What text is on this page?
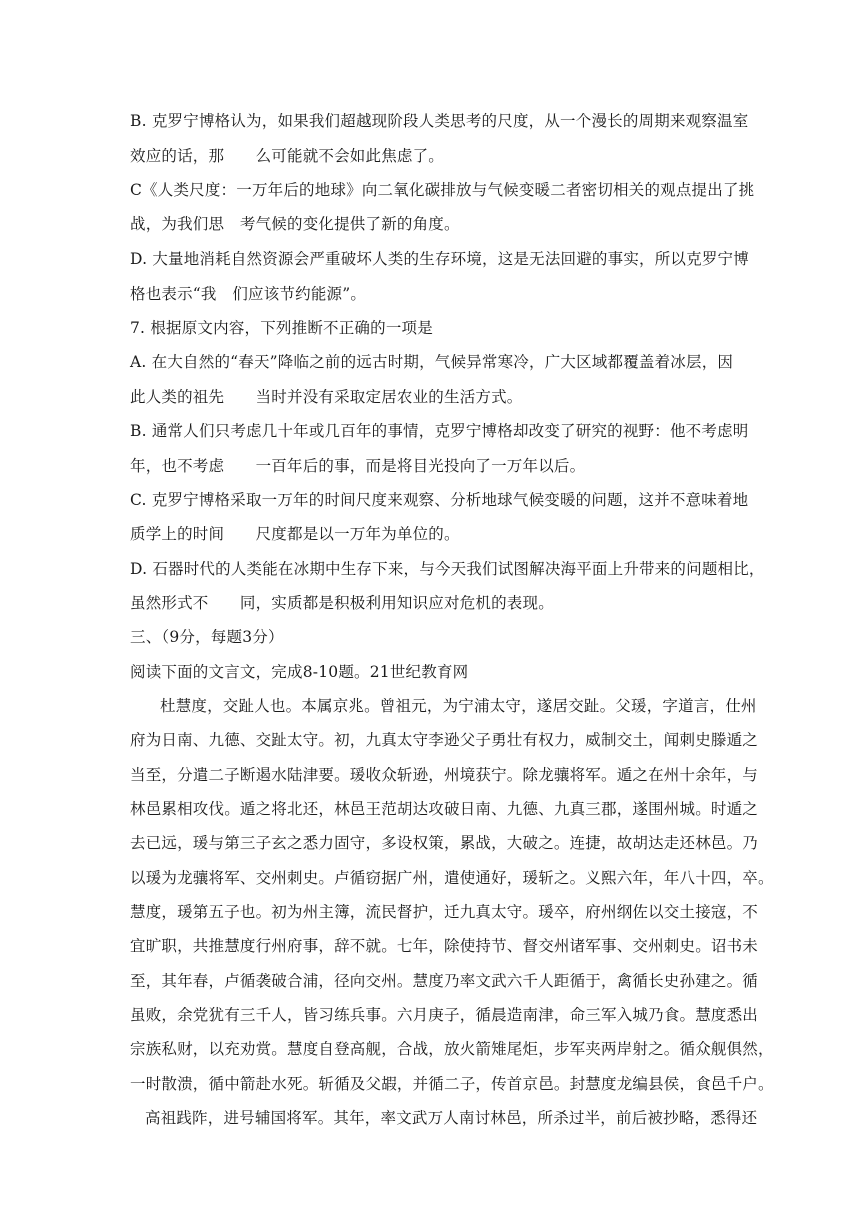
B. 克罗宁博格认为，如果我们超越现阶段人类思考的尺度，从一个漫长的周期来观察温室
效应的话，那　　么可能就不会如此焦虑了。
C《人类尺度：一万年后的地球》向二氧化碳排放与气候变暖二者密切相关的观点提出了挑
战，为我们思　考气候的变化提供了新的角度。
D. 大量地消耗自然资源会严重破坏人类的生存环境，这是无法回避的事实，所以克罗宁博
格也表示“我　们应该节约能源”。
7. 根据原文内容，下列推断不正确的一项是
A. 在大自然的“春天”降临之前的远古时期，气候异常寒冷，广大区域都覆盖着冰层，因
此人类的祖先　　当时并没有采取定居农业的生活方式。
B. 通常人们只考虑几十年或几百年的事情，克罗宁博格却改变了研究的视野：他不考虑明
年，也不考虑　　一百年后的事，而是将目光投向了一万年以后。
C. 克罗宁博格采取一万年的时间尺度来观察、分析地球气候变暖的问题，这并不意味着地
质学上的时间　　尺度都是以一万年为单位的。
D. 石器时代的人类能在冰期中生存下来，与今天我们试图解决海平面上升带来的问题相比，
虽然形式不　　同，实质都是积极利用知识应对危机的表现。
三、（9分，每题3分）
阅读下面的文言文，完成8-10题。21世纪教育网
杜慧度，交趾人也。本属京兆。曾祖元，为宁浦太守，遂居交趾。父瑗，字道言，仕州
府为日南、九德、交趾太守。初，九真太守李逊父子勇壮有权力，威制交土，闻刺史滕遁之
当至，分遣二子断遏水陆津要。瑗收众斩逊，州境获宁。除龙骧将军。遁之在州十余年，与
林邑累相攻伐。遁之将北还，林邑王范胡达攻破日南、九德、九真三郡，遂围州城。时遁之
去已远，瑗与第三子玄之悉力固守，多设权策，累战，大破之。连捷，故胡达走还林邑。乃
以瑗为龙骧将军、交州刺史。卢循窃据广州，遣使通好，瑗斩之。义熙六年，年八十四，卒。
慧度，瑗第五子也。初为州主簿，流民督护，迁九真太守。瑗卒，府州纲佐以交土接寇，不
宜旷职，共推慧度行州府事，辞不就。七年，除使持节、督交州诸军事、交州刺史。诏书未
至，其年春，卢循袭破合浦，径向交州。慧度乃率文武六千人距循于，禽循长史孙建之。循
虽败，余党犹有三千人，皆习练兵事。六月庚子，循晨造南津，命三军入城乃食。慧度悉出
宗族私财，以充劝赏。慧度自登高舰，合战，放火箭雉尾炬，步军夹两岸射之。循众舰俱然，
一时散溃，循中箭赴水死。斩循及父嘏，并循二子，传首京邑。封慧度龙编县侯，食邑千户。
高祖践阼，进号辅国将军。其年，率文武万人南讨林邑，所杀过半，前后被抄略，悉得还
